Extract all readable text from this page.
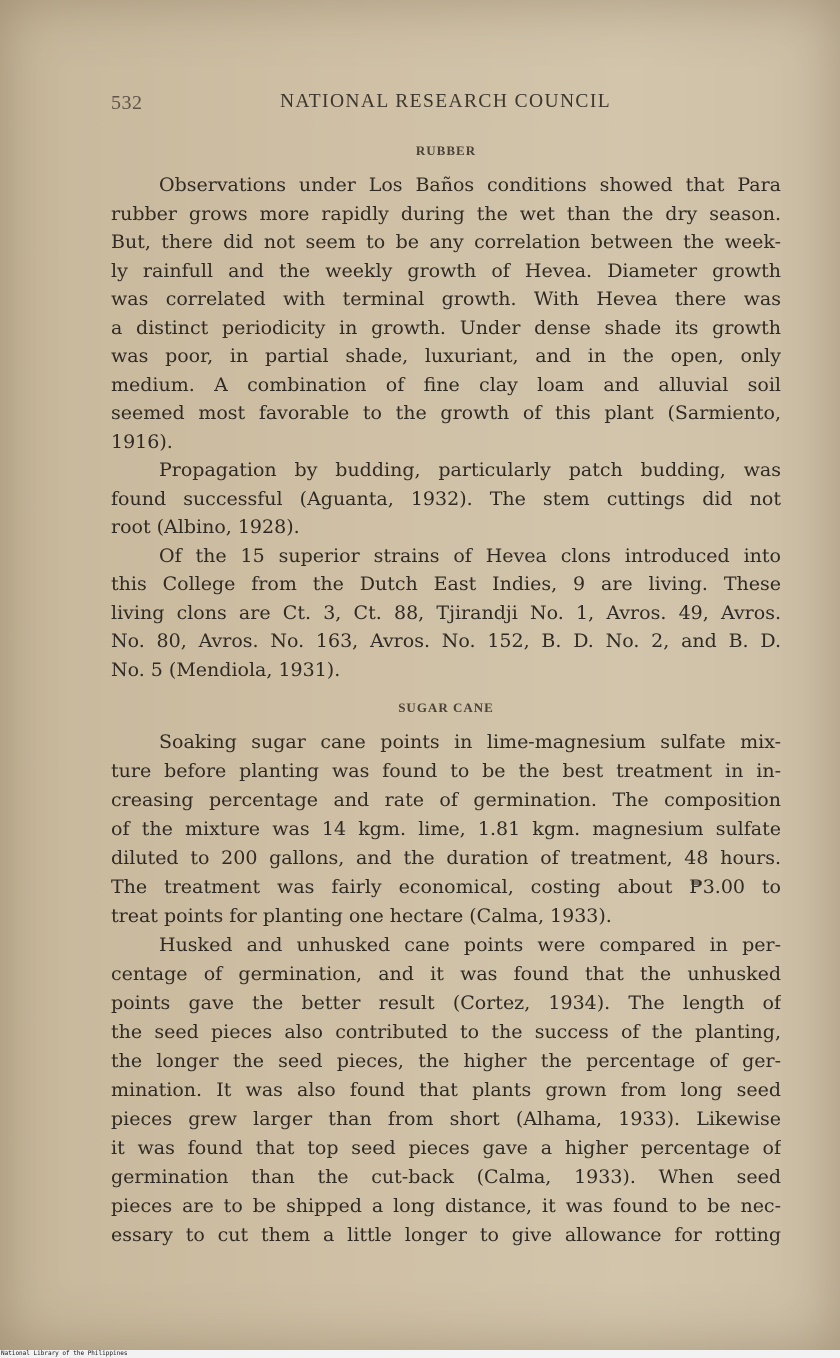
532	NATIONAL RESEARCH COUNCIL
RUBBER
Observations under Los Baños conditions showed that Para
rubber grows more rapidly during the wet than the dry season.
But, there did not seem to be any correlation between the week-
ly rainfull and the weekly growth of Hevea. Diameter growth
was correlated with terminal growth. With Hevea there was
a distinct periodicity in growth. Under dense shade its growth
was poor, in partial shade, luxuriant, and in the open, only
medium. A combination of fine clay loam and alluvial soil
seemed most favorable to the growth of this plant (Sarmiento,
1916).
Propagation by budding, particularly patch budding, was
found successful (Aguanta, 1932). The stem cuttings did not
root (Albino, 1928).
Of the 15 superior strains of Hevea clons introduced into
this College from the Dutch East Indies, 9 are living. These
living clons are Ct. 3, Ct. 88, Tjirandji No. 1, Avros. 49, Avros.
No. 80, Avros. No. 163, Avros. No. 152, B. D. No. 2, and B. D.
No. 5 (Mendiola, 1931).
SUGAR CANE
Soaking sugar cane points in lime-magnesium sulfate mix-
ture before planting was found to be the best treatment in in-
creasing percentage and rate of germination. The composition
of the mixture was 14 kgm. lime, 1.81 kgm. magnesium sulfate
diluted to 200 gallons, and the duration of treatment, 48 hours.
The treatment was fairly economical, costing about ₱3.00 to
treat points for planting one hectare (Calma, 1933).
Husked and unhusked cane points were compared in per-
centage of germination, and it was found that the unhusked
points gave the better result (Cortez, 1934). The length of
the seed pieces also contributed to the success of the planting,
the longer the seed pieces, the higher the percentage of ger-
mination. It was also found that plants grown from long seed
pieces grew larger than from short (Alhama, 1933). Likewise
it was found that top seed pieces gave a higher percentage of
germination than the cut-back (Calma, 1933). When seed
pieces are to be shipped a long distance, it was found to be nec-
essary to cut them a little longer to give allowance for rotting
National Library of the Philippines
